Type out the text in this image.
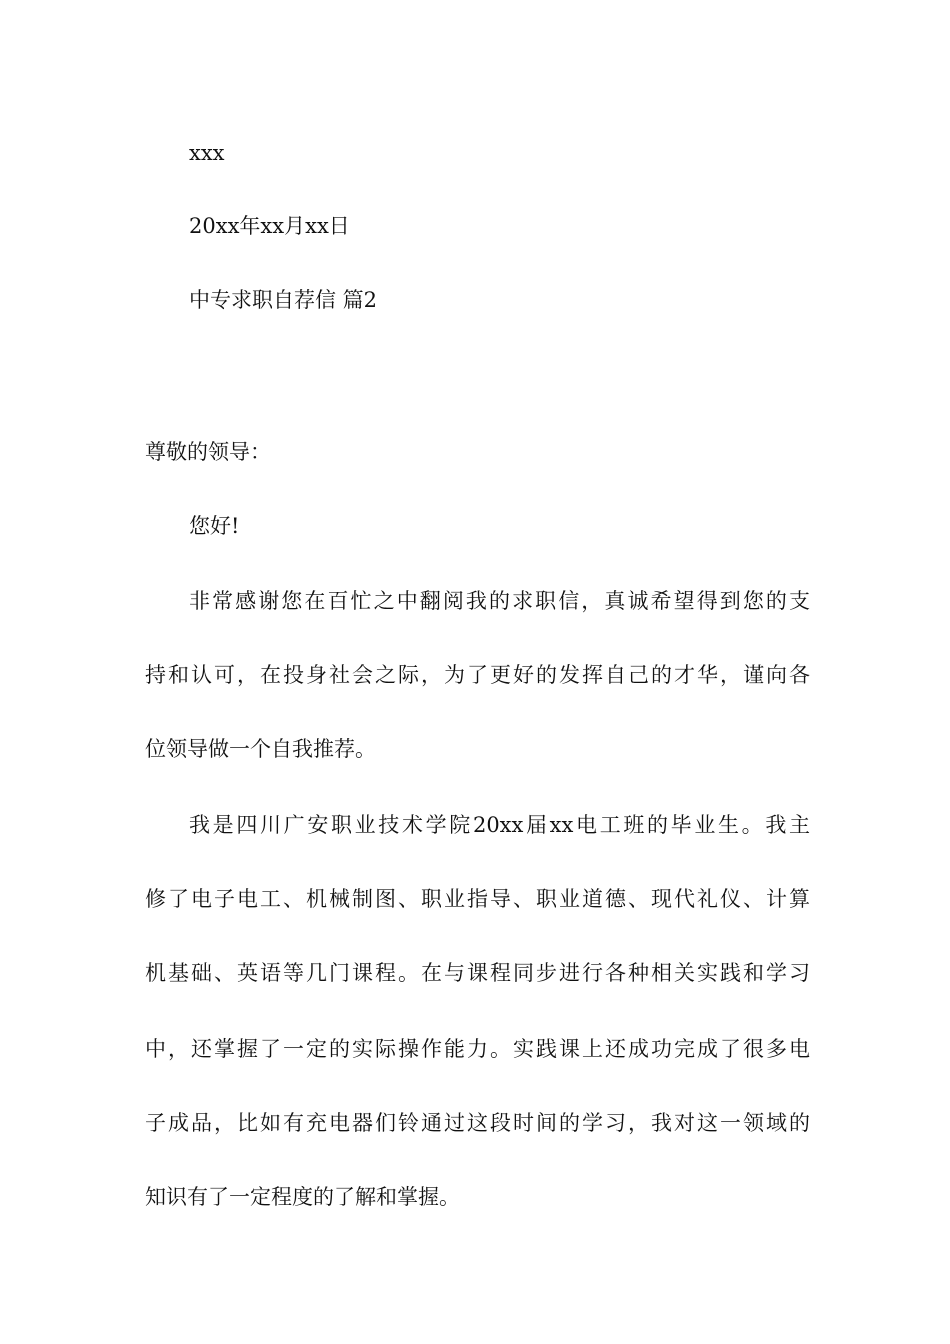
xxx
20xx年xx月xx日
中专求职自荐信 篇2
尊敬的领导：
您好!
非常感谢您在百忙之中翻阅我的求职信，真诚希望得到您的支
持和认可，在投身社会之际，为了更好的发挥自己的才华，谨向各
位领导做一个自我推荐。
我是四川广安职业技术学院20xx届xx电工班的毕业生。我主
修了电子电工、机械制图、职业指导、职业道德、现代礼仪、计算
机基础、英语等几门课程。在与课程同步进行各种相关实践和学习
中，还掌握了一定的实际操作能力。实践课上还成功完成了很多电
子成品，比如有充电器们铃通过这段时间的学习，我对这一领域的
知识有了一定程度的了解和掌握。
